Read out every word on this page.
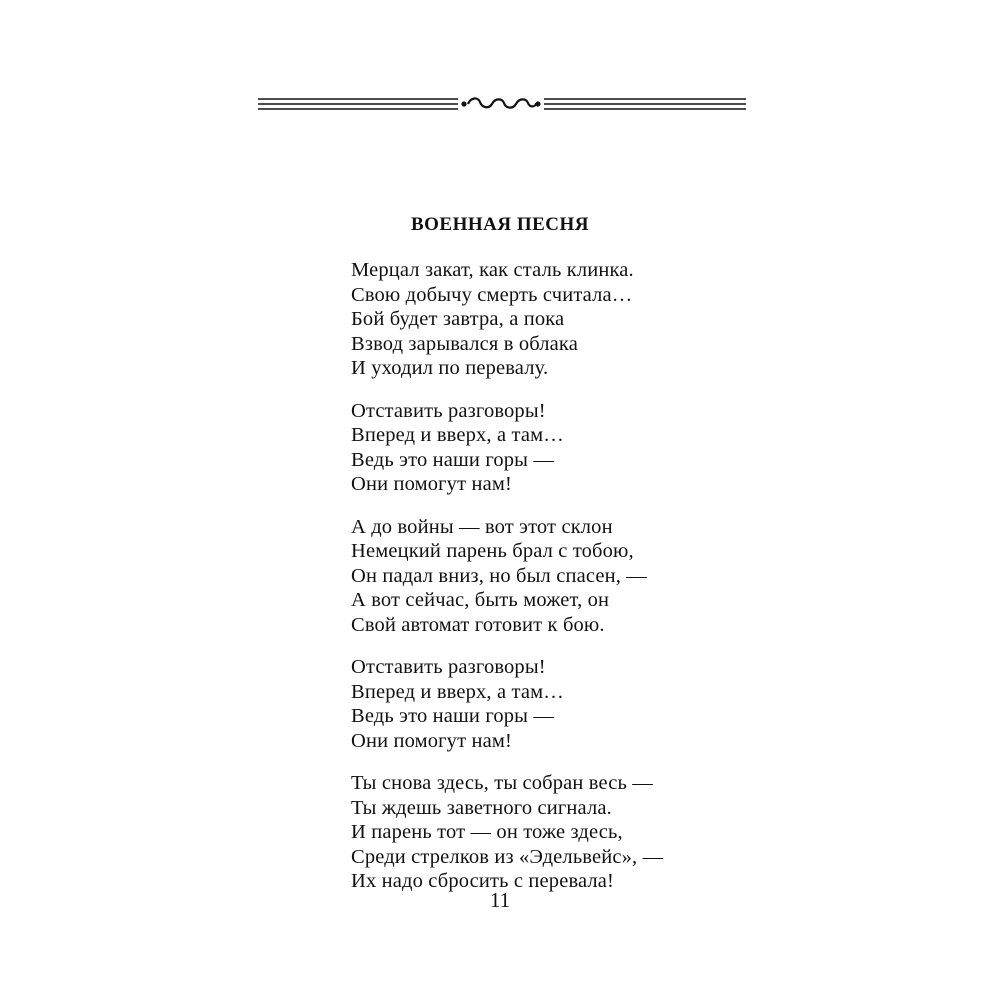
ВОЕННАЯ ПЕСНЯ
Мерцал закат, как сталь клинка.
Свою добычу смерть считала…
Бой будет завтра, а пока
Взвод зарывался в облака
И уходил по перевалу.
Отставить разговоры!
Вперед и вверх, а там…
Ведь это наши горы —
Они помогут нам!
А до войны — вот этот склон
Немецкий парень брал с тобою,
Он падал вниз, но был спасен, —
А вот сейчас, быть может, он
Свой автомат готовит к бою.
Отставить разговоры!
Вперед и вверх, а там…
Ведь это наши горы —
Они помогут нам!
Ты снова здесь, ты собран весь —
Ты ждешь заветного сигнала.
И парень тот — он тоже здесь,
Среди стрелков из «Эдельвейс», —
Их надо сбросить с перевала!
11
